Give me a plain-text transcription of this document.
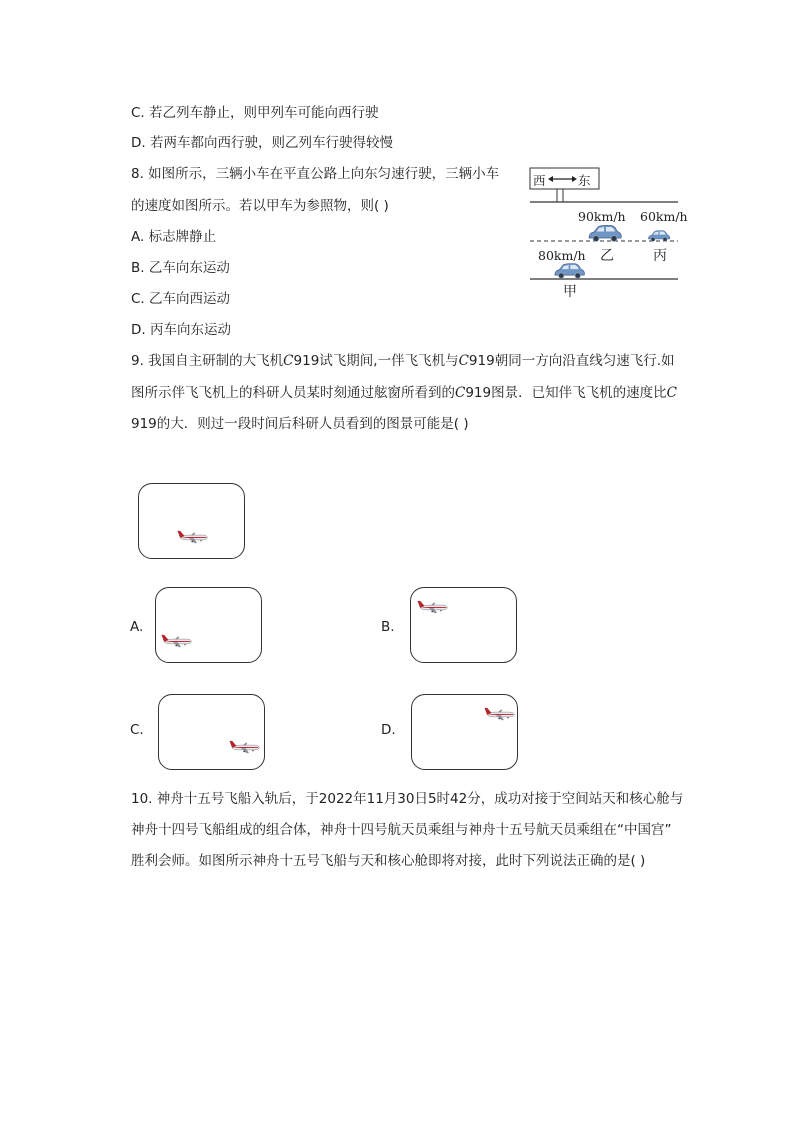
C. 若乙列车静止，则甲列车可能向西行驶
D. 若两车都向西行驶，则乙列车行驶得较慢
8. 如图所示，三辆小车在平直公路上向东匀速行驶，三辆小车
的速度如图所示。若以甲车为参照物，则( )
A. 标志牌静止
B. 乙车向东运动
C. 乙车向西运动
D. 丙车向东运动
西	东
90km/h 60km/h
乙	丙
80km/h
甲
9. 我国自主研制的大飞机C919试飞期间,一伴飞飞机与C919朝同一方向沿直线匀速飞行.如
图所示伴飞飞机上的科研人员某时刻通过舷窗所看到的C919图景．已知伴飞飞机的速度比C
919的大．则过一段时间后科研人员看到的图景可能是( )
A.	B.
C.	D.
10. 神舟十五号飞船入轨后，于2022年11月30日5时42分，成功对接于空间站天和核心舱与
神舟十四号飞船组成的组合体，神舟十四号航天员乘组与神舟十五号航天员乘组在“中国宫”
胜利会师。如图所示神舟十五号飞船与天和核心舱即将对接，此时下列说法正确的是( )
